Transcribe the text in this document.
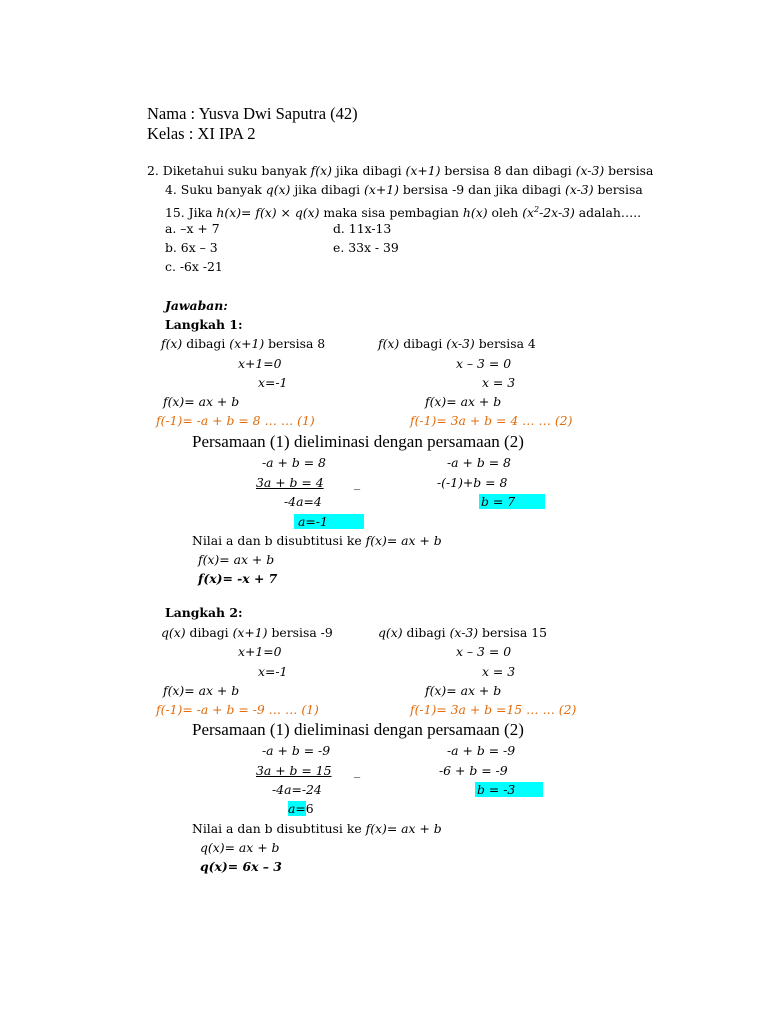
Nama : Yusva Dwi Saputra (42)
Kelas : XI IPA 2
2. Diketahui suku banyak f(x) jika dibagi (x+1) bersisa 8 dan dibagi (x-3) bersisa
4. Suku banyak q(x) jika dibagi (x+1) bersisa -9 dan jika dibagi (x-3) bersisa
15. Jika h(x)= f(x) × q(x) maka sisa pembagian h(x) oleh $(x^2-2x-3)$ adalah…..
a. –x + 7	d. 11x-13
b. 6x – 3	e. 33x - 39
c. -6x -21
Jawaban:
Langkah 1:
f(x) dibagi (x+1) bersisa 8	f(x) dibagi (x-3) bersisa 4
x+1=0	x – 3 = 0
x=-1	x = 3
f(x)= ax + b	f(x)= ax + b
f(-1)= -a + b = 8 … … (1)	f(-1)= 3a + b = 4 … … (2)
Persamaan (1) dieliminasi dengan persamaan (2)
-a + b = 8	-a + b = 8
3a + b = 4	_	-(-1)+b = 8
-4a=4	b = 7
a=-1
Nilai a dan b disubtitusi ke f(x)= ax + b
f(x)= ax + b
f(x)= -x + 7
Langkah 2:
q(x) dibagi (x+1) bersisa -9	q(x) dibagi (x-3) bersisa 15
x+1=0	x – 3 = 0
x=-1	x = 3
f(x)= ax + b	f(x)= ax + b
f(-1)= -a + b = -9 … … (1)	f(-1)= 3a + b =15 … … (2)
Persamaan (1) dieliminasi dengan persamaan (2)
-a + b = -9	-a + b = -9
3a + b = 15	_	-6 + b = -9
-4a=-24	b = -3
a=6
Nilai a dan b disubtitusi ke f(x)= ax + b
q(x)= ax + b
q(x)= 6x – 3
